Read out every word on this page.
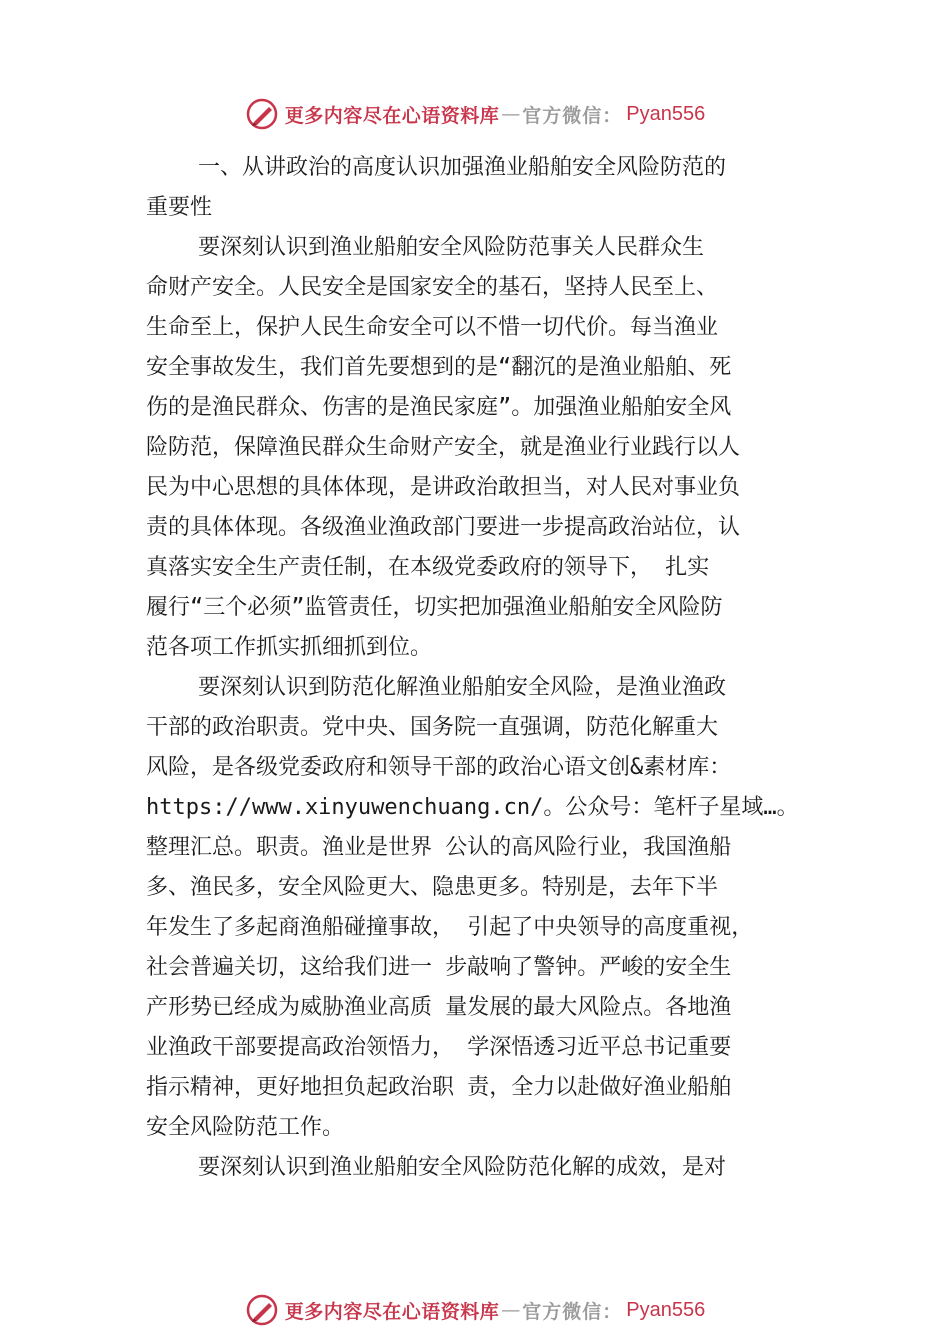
更多内容尽在心语资料库 — 官方微信： Pyan556
一、从讲政治的高度认识加强渔业船舶安全风险防范的
重要性
要深刻认识到渔业船舶安全风险防范事关人民群众生
命财产安全。人民安全是国家安全的基石，坚持人民至上、
生命至上，保护人民生命安全可以不惜一切代价。每当渔业
安全事故发生，我们首先要想到的是“翻沉的是渔业船舶、死
伤的是渔民群众、伤害的是渔民家庭”。加强渔业船舶安全风
险防范，保障渔民群众生命财产安全，就是渔业行业践行以人
民为中心思想的具体体现，是讲政治敢担当，对人民对事业负
责的具体体现。各级渔业渔政部门要进一步提高政治站位，认
真落实安全生产责任制，在本级党委政府的领导下， 扎实
履行“三个必须”监管责任，切实把加强渔业船舶安全风险防
范各项工作抓实抓细抓到位。
要深刻认识到防范化解渔业船舶安全风险，是渔业渔政
干部的政治职责。党中央、国务院一直强调，防范化解重大
风险，是各级党委政府和领导干部的政治心语文创&素材库：
https://www.xinyuwenchuang.cn/。公众号：笔杆子星域…。
整理汇总。职责。渔业是世界 公认的高风险行业，我国渔船
多、渔民多，安全风险更大、隐患更多。特别是，去年下半
年发生了多起商渔船碰撞事故， 引起了中央领导的高度重视，
社会普遍关切，这给我们进一 步敲响了警钟。严峻的安全生
产形势已经成为威胁渔业高质 量发展的最大风险点。各地渔
业渔政干部要提高政治领悟力， 学深悟透习近平总书记重要
指示精神，更好地担负起政治职 责，全力以赴做好渔业船舶
安全风险防范工作。
要深刻认识到渔业船舶安全风险防范化解的成效，是对
更多内容尽在心语资料库 — 官方微信： Pyan556
